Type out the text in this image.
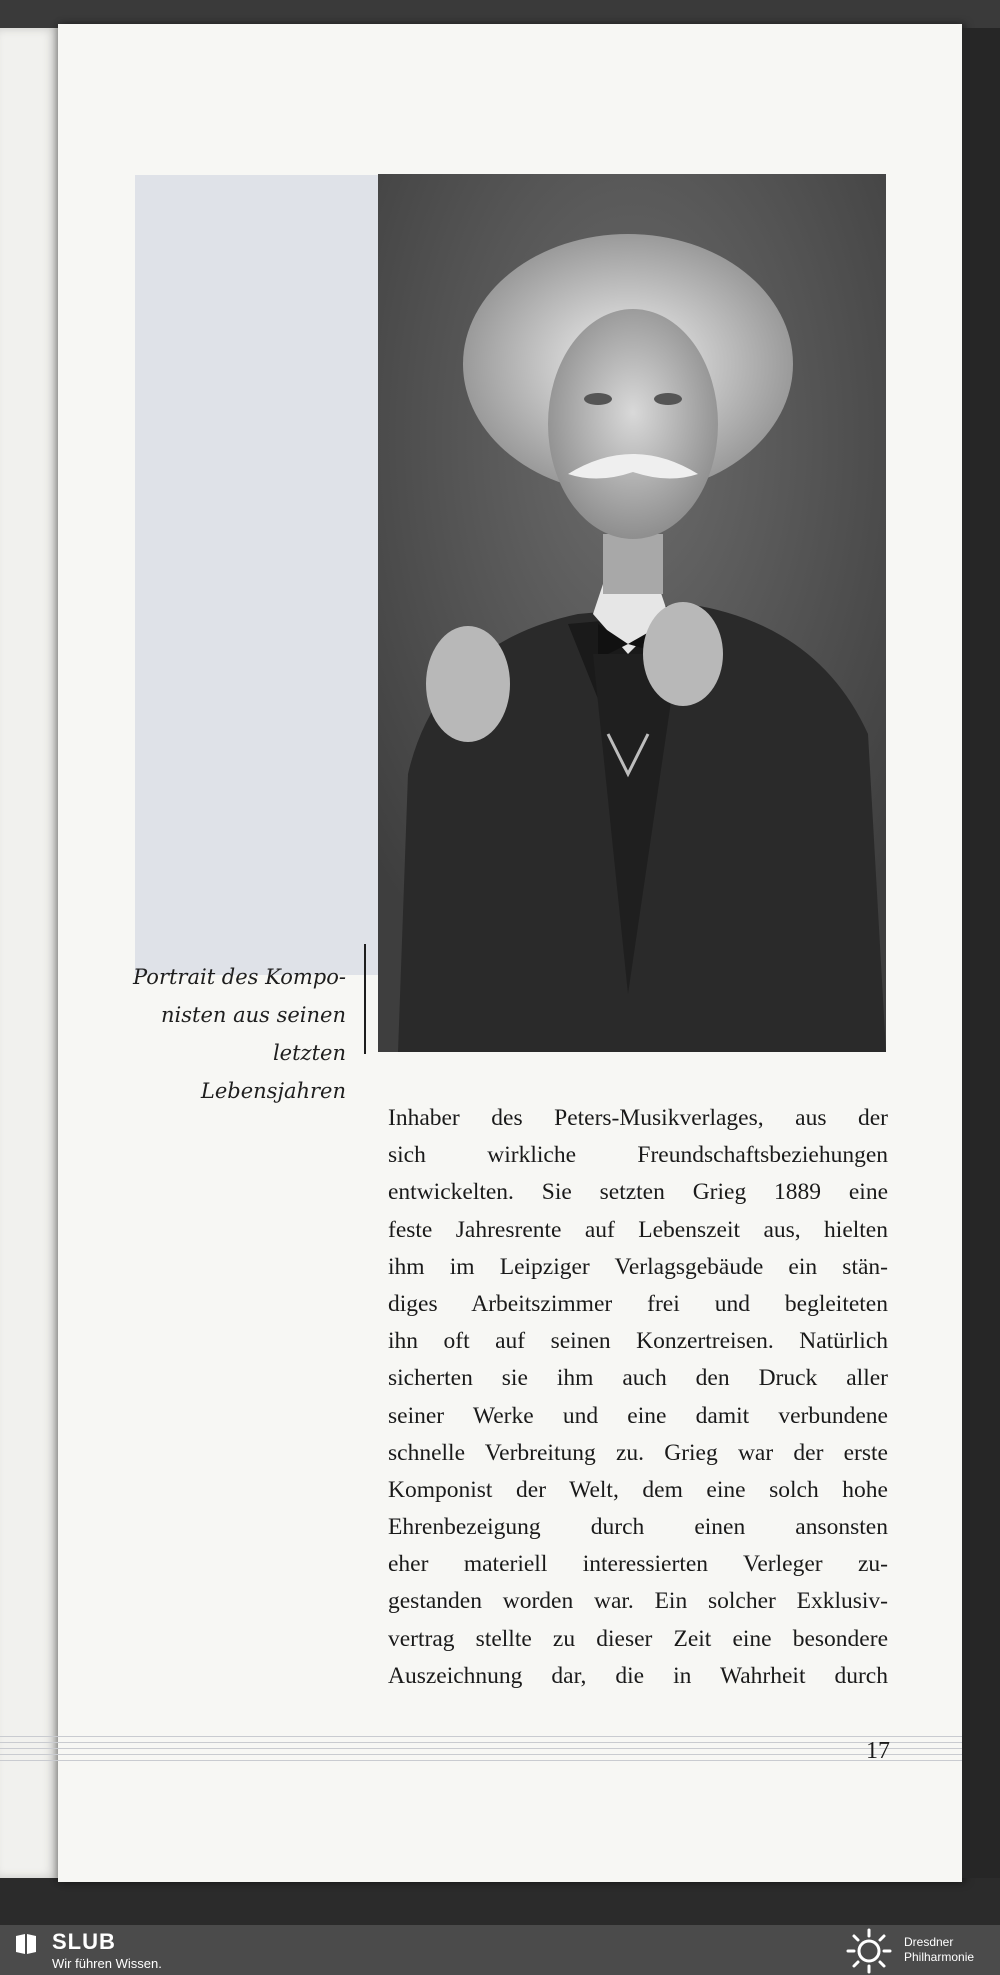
Portrait des Kompo-
nisten aus seinen
letzten Lebensjahren
Inhaber des Peters-Musikverlages, aus der
sich wirkliche Freundschaftsbeziehungen
entwickelten. Sie setzten Grieg 1889 eine
feste Jahresrente auf Lebenszeit aus, hielten
ihm im Leipziger Verlagsgebäude ein stän-
diges Arbeitszimmer frei und begleiteten
ihn oft auf seinen Konzertreisen. Natürlich
sicherten sie ihm auch den Druck aller
seiner Werke und eine damit verbundene
schnelle Verbreitung zu. Grieg war der erste
Komponist der Welt, dem eine solch hohe
Ehrenbezeigung durch einen ansonsten
eher materiell interessierten Verleger zu-
gestanden worden war. Ein solcher Exklusiv-
vertrag stellte zu dieser Zeit eine besondere
Auszeichnung dar, die in Wahrheit durch
17
SLUB
Wir führen Wissen.
Dresdner
Philharmonie
